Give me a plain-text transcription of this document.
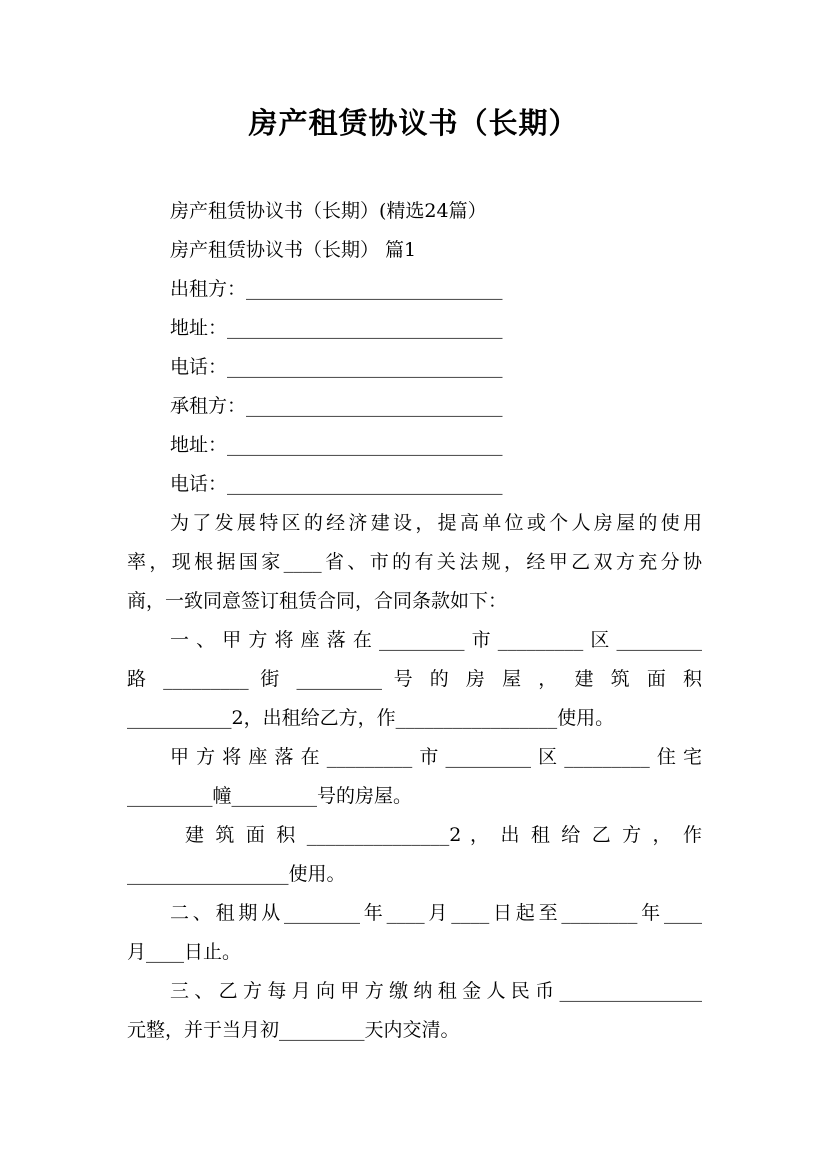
房产租赁协议书（长期）
房产租赁协议书（长期）(精选24篇）
房产租赁协议书（长期） 篇1
出租方：___________________________
地址：_____________________________
电话：_____________________________
承租方：___________________________
地址：_____________________________
电话：_____________________________
为了发展特区的经济建设，提高单位或个人房屋的使用
率，现根据国家____省、市的有关法规，经甲乙双方充分协
商，一致同意签订租赁合同，合同条款如下：
一、甲方将座落在_________市_________区_________
路 _________ 街 _________ 号 的 房 屋 ， 建 筑 面 积
___________2，出租给乙方，作_________________使用。
甲方将座落在_________市_________区_________住宅
_________幢_________号的房屋。
建 筑 面 积 _______________2 ， 出 租 给 乙 方 ， 作
_________________使用。
二、租期从________年____月____日起至________年____
月____日止。
三、乙方每月向甲方缴纳租金人民币_______________
元整，并于当月初_________天内交清。
